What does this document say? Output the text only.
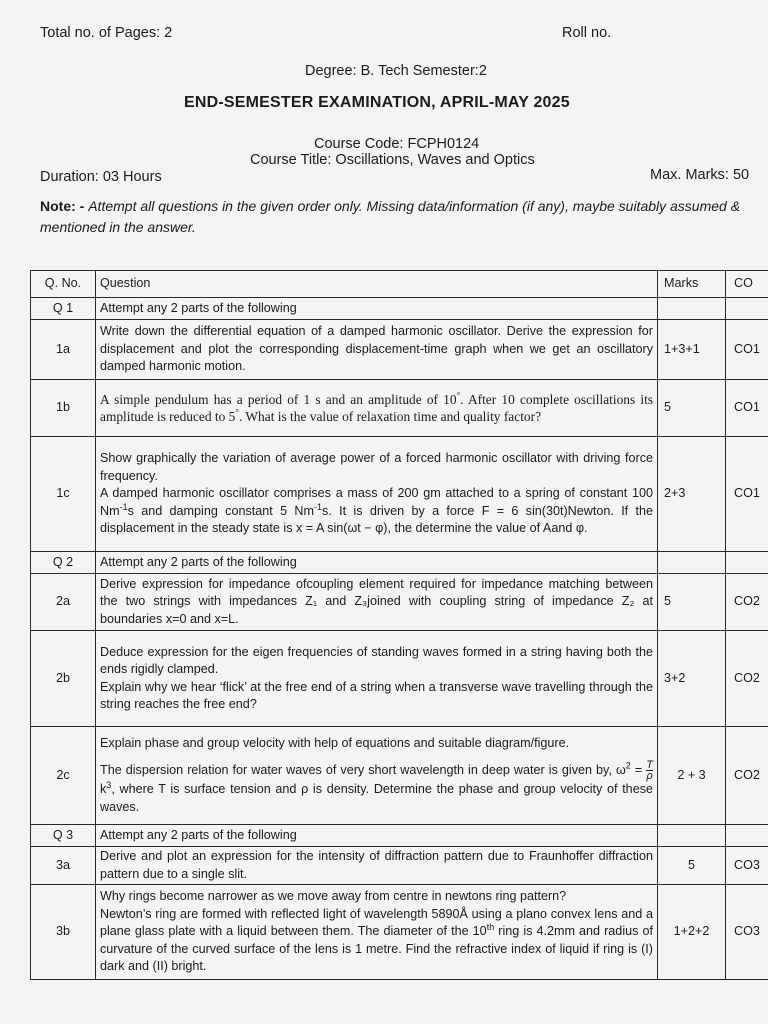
Total no. of Pages: 2	Roll no.
Degree: B. Tech Semester:2
END-SEMESTER EXAMINATION, APRIL-MAY 2025
Course Code: FCPH0124
Course Title: Oscillations, Waves and Optics
Duration: 03 Hours	Max. Marks: 50
Note: - Attempt all questions in the given order only. Missing data/information (if any), maybe suitably assumed & mentioned in the answer.
Q. No.	Question	Marks	CO
Q 1	Attempt any 2 parts of the following		
1a	Write down the differential equation of a damped harmonic oscillator. Derive the expression for displacement and plot the corresponding displacement-time graph when we get an oscillatory damped harmonic motion.	1+3+1	CO1
1b	A simple pendulum has a period of 1 s and an amplitude of 10°. After 10 complete oscillations its amplitude is reduced to 5°. What is the value of relaxation time and quality factor?	5	CO1
1c	Show graphically the variation of average power of a forced harmonic oscillator with driving force frequency.
A damped harmonic oscillator comprises a mass of 200 gm attached to a spring of constant 100 $Nm^{-1}s$ and damping constant 5 $Nm^{-1}s$. It is driven by a force F = 6 sin(30t)Newton. If the displacement in the steady state is x = A sin(ωt − φ), the determine the value of Aand φ.	2+3	CO1
Q 2	Attempt any 2 parts of the following		
2a	Derive expression for impedance ofcoupling element required for impedance matching between the two strings with impedances Z₁ and Z₃joined with coupling string of impedance Z₂ at boundaries x=0 and x=L.	5	CO2
2b	Deduce expression for the eigen frequencies of standing waves formed in a string having both the ends rigidly clamped.
Explain why we hear ‘flick’ at the free end of a string when a transverse wave travelling through the string reaches the free end?	3+2	CO2
2c	Explain phase and group velocity with help of equations and suitable diagram/figure.
The dispersion relation for water waves of very short wavelength in deep water is given by, $\omega^2 = \frac{T}{\rho}$
$k^3$, where T is surface tension and ρ is density. Determine the phase and group velocity of these waves.	2 + 3	CO2
Q 3	Attempt any 2 parts of the following		
3a	Derive and plot an expression for the intensity of diffraction pattern due to Fraunhoffer diffraction pattern due to a single slit.	5	CO3
3b	Why rings become narrower as we move away from centre in newtons ring pattern?
Newton’s ring are formed with reflected light of wavelength 5890Å using a plano convex lens and a plane glass plate with a liquid between them. The diameter of the 10th ring is 4.2mm and radius of curvature of the curved surface of the lens is 1 metre. Find the refractive index of liquid if ring is (I) dark and (II) bright.	1+2+2	CO3
